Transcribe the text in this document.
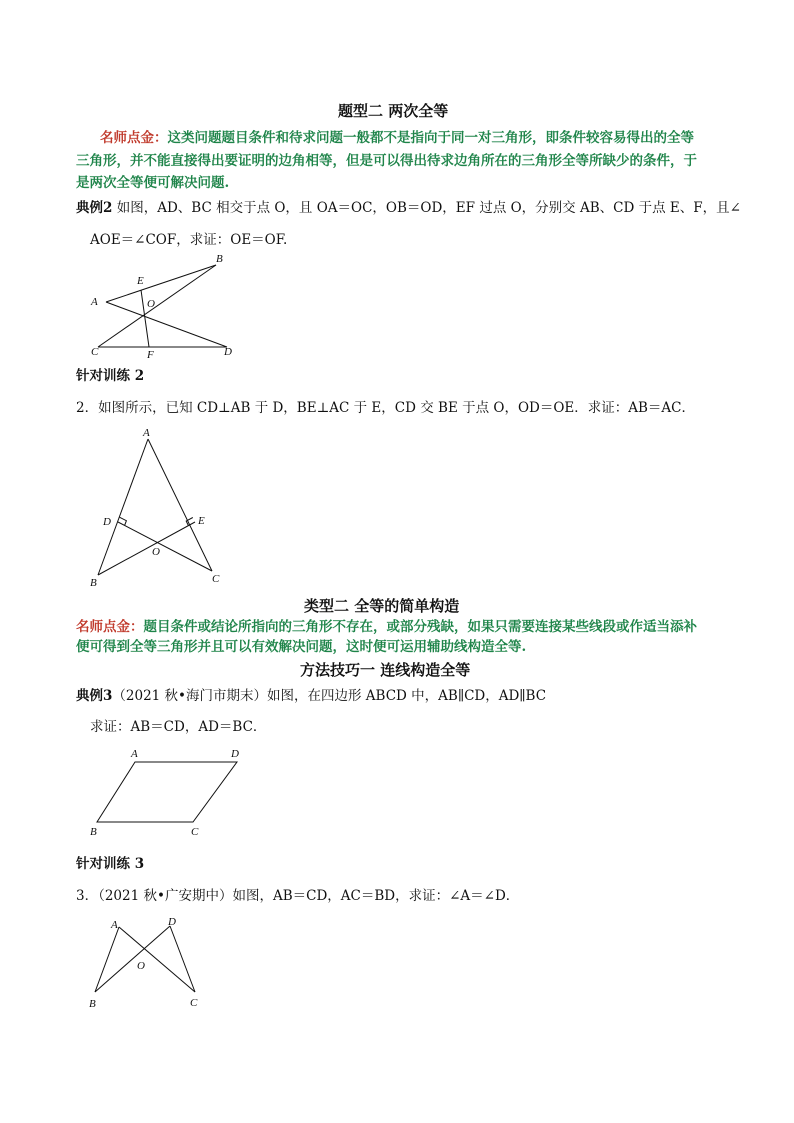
题型二 两次全等
名师点金：这类问题题目条件和待求问题一般都不是指向于同一对三角形，即条件较容易得出的全等
三角形，并不能直接得出要证明的边角相等，但是可以得出待求边角所在的三角形全等所缺少的条件，于
是两次全等便可解决问题.
典例2 如图，AD、BC 相交于点 O，且 OA＝OC，OB＝OD，EF 过点 O，分别交 AB、CD 于点 E、F，且∠
AOE＝∠COF，求证：OE＝OF.
B
E
A	O
C	F	D
针对训练 2
2．如图所示，已知 CD⊥AB 于 D，BE⊥AC 于 E，CD 交 BE 于点 O，OD＝OE．求证：AB＝AC．
A
D	E
O
B	C
类型二 全等的简单构造
名师点金：题目条件或结论所指向的三角形不存在，或部分残缺，如果只需要连接某些线段或作适当添补
便可得到全等三角形并且可以有效解决问题，这时便可运用辅助线构造全等.
方法技巧一 连线构造全等
典例3（2021 秋•海门市期末）如图，在四边形 ABCD 中，AB∥CD，AD∥BC
求证：AB＝CD，AD＝BC．
A	D
B	C
针对训练 3
3．（2021 秋•广安期中）如图，AB＝CD，AC＝BD，求证：∠A＝∠D．
A	D
O
B	C
